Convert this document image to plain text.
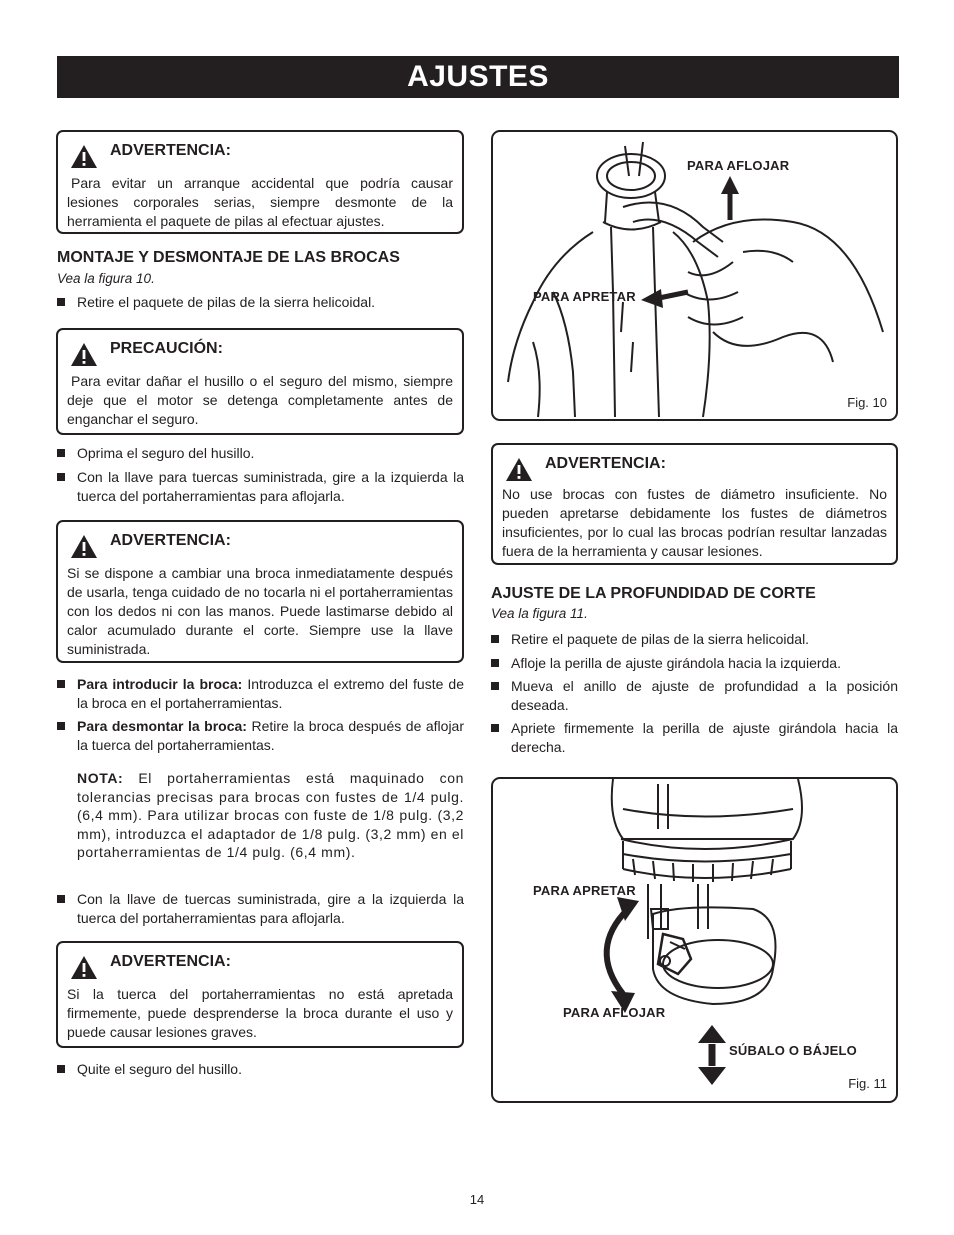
AJUSTES
ADVERTENCIA:
Para evitar un arranque accidental que podría causar lesiones corporales serias, siempre desmonte de la herramienta el paquete de pilas al efectuar ajustes.
MONTAJE Y DESMONTAJE DE LAS BROCAS
Vea la figura 10.
Retire el paquete de pilas de la sierra helicoidal.
PRECAUCIÓN:
Para evitar dañar el husillo o el seguro del mismo, siempre deje que el motor se detenga completamente antes de enganchar el seguro.
Oprima el seguro del husillo.
Con la llave para tuercas suministrada, gire a la izquierda la tuerca del portaherramientas para aflojarla.
ADVERTENCIA:
Si se dispone a cambiar una broca inmediatamente después de usarla, tenga cuidado de no tocarla ni el portaherramientas con los dedos ni con las manos. Puede lastimarse debido al calor acumulado durante el corte. Siempre use la llave suministrada.
Para introducir la broca: Introduzca el extremo del fuste de la broca en el portaherramientas.
Para desmontar la broca: Retire la broca después de aflojar la tuerca del portaherramientas.
NOTA: El portaherramientas está maquinado con tolerancias precisas para brocas con fustes de 1/4 pulg. (6,4 mm). Para utilizar brocas con fuste de 1/8 pulg. (3,2 mm), introduzca el adaptador de 1/8 pulg. (3,2 mm) en el portaherramientas de 1/4 pulg. (6,4 mm).
Con la llave de tuercas suministrada, gire a la izquierda la tuerca del portaherramientas para aflojarla.
ADVERTENCIA:
Si la tuerca del portaherramientas no está apretada firmemente, puede desprenderse la broca durante el uso y puede causar lesiones graves.
Quite el seguro del husillo.
PARA AFLOJAR
PARA APRETAR
Fig. 10
ADVERTENCIA:
No use brocas con fustes de diámetro insuficiente. No pueden apretarse debidamente los fustes de diámetros insuficientes, por lo cual las brocas podrían resultar lanzadas fuera de la herramienta y causar lesiones.
AJUSTE DE LA PROFUNDIDAD DE CORTE
Vea la figura 11.
Retire el paquete de pilas de la sierra helicoidal.
Afloje la perilla de ajuste girándola hacia la izquierda.
Mueva el anillo de ajuste de profundidad a la posición deseada.
Apriete firmemente la perilla de ajuste girándola hacia la derecha.
PARA APRETAR
PARA AFLOJAR
SÚBALO O BÁJELO
Fig. 11
14
